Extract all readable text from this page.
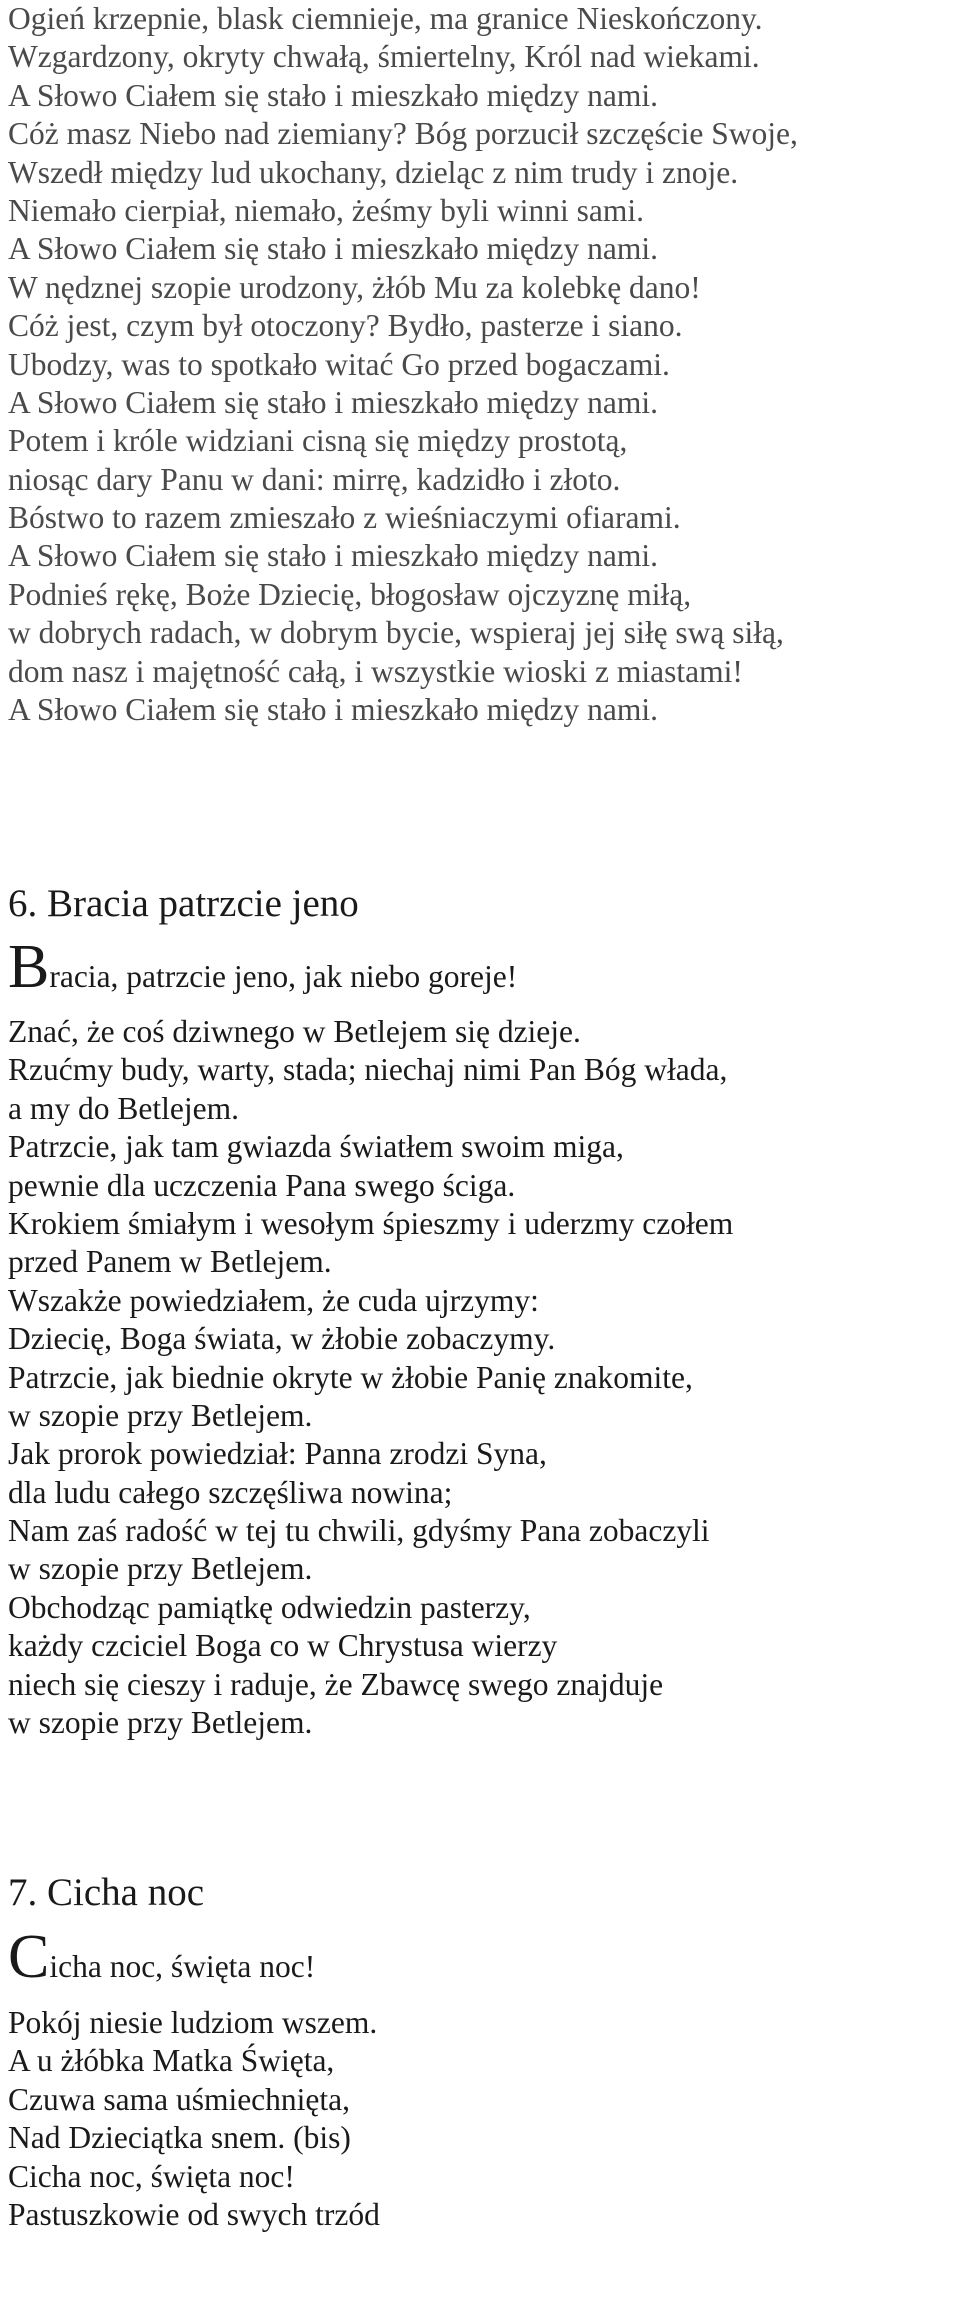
Ogień krzepnie, blask ciemnieje, ma granice Nieskończony.
Wzgardzony, okryty chwałą, śmiertelny, Król nad wiekami.
A Słowo Ciałem się stało i mieszkało między nami.
Cóż masz Niebo nad ziemiany? Bóg porzucił szczęście Swoje,
Wszedł między lud ukochany, dzieląc z nim trudy i znoje.
Niemało cierpiał, niemało, żeśmy byli winni sami.
A Słowo Ciałem się stało i mieszkało między nami.
W nędznej szopie urodzony, żłób Mu za kolebkę dano!
Cóż jest, czym był otoczony? Bydło, pasterze i siano.
Ubodzy, was to spotkało witać Go przed bogaczami.
A Słowo Ciałem się stało i mieszkało między nami.
Potem i króle widziani cisną się między prostotą,
niosąc dary Panu w dani: mirrę, kadzidło i złoto.
Bóstwo to razem zmieszało z wieśniaczymi ofiarami.
A Słowo Ciałem się stało i mieszkało między nami.
Podnieś rękę, Boże Dziecię, błogosław ojczyznę miłą,
w dobrych radach, w dobrym bycie, wspieraj jej siłę swą siłą,
dom nasz i majętność całą, i wszystkie wioski z miastami!
A Słowo Ciałem się stało i mieszkało między nami.
6. Bracia patrzcie jeno
B racia, patrzcie jeno, jak niebo goreje!
Znać, że coś dziwnego w Betlejem się dzieje.
Rzućmy budy, warty, stada; niechaj nimi Pan Bóg włada,
a my do Betlejem.
Patrzcie, jak tam gwiazda światłem swoim miga,
pewnie dla uczczenia Pana swego ściga.
Krokiem śmiałym i wesołym śpieszmy i uderzmy czołem
przed Panem w Betlejem.
Wszakże powiedziałem, że cuda ujrzymy:
Dziecię, Boga świata, w żłobie zobaczymy.
Patrzcie, jak biednie okryte w żłobie Panię znakomite,
w szopie przy Betlejem.
Jak prorok powiedział: Panna zrodzi Syna,
dla ludu całego szczęśliwa nowina;
Nam zaś radość w tej tu chwili, gdyśmy Pana zobaczyli
w szopie przy Betlejem.
Obchodząc pamiątkę odwiedzin pasterzy,
każdy czciciel Boga co w Chrystusa wierzy
niech się cieszy i raduje, że Zbawcę swego znajduje
w szopie przy Betlejem.
7. Cicha noc
C icha noc, święta noc!
Pokój niesie ludziom wszem.
A u żłóbka Matka Święta,
Czuwa sama uśmiechnięta,
Nad Dzieciątka snem. (bis)
Cicha noc, święta noc!
Pastuszkowie od swych trzód
